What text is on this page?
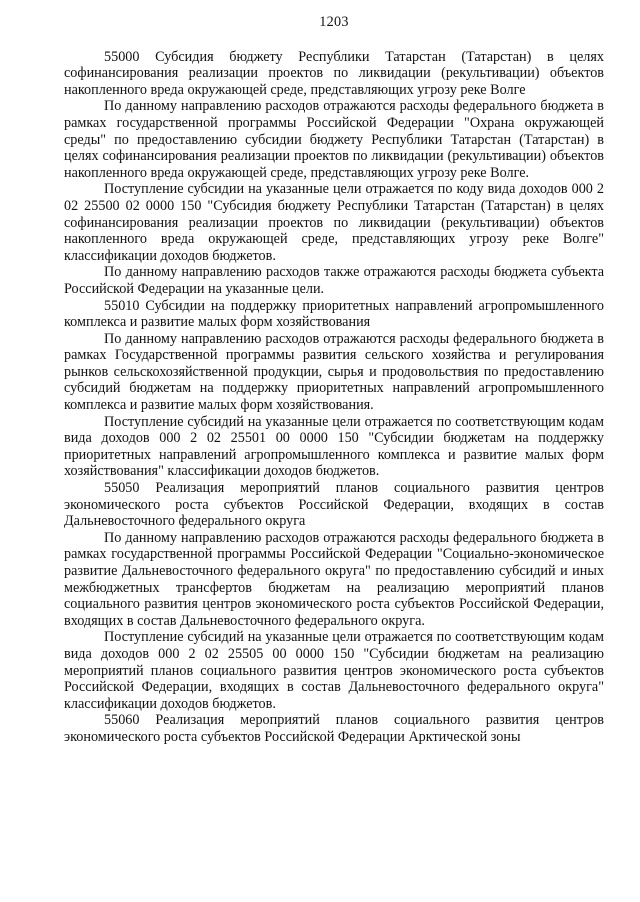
1203

55000 Субсидия бюджету Республики Татарстан (Татарстан) в целях софинансирования реализации проектов по ликвидации (рекультивации) объектов накопленного вреда окружающей среде, представляющих угрозу реке Волге

По данному направлению расходов отражаются расходы федерального бюджета в рамках государственной программы Российской Федерации "Охрана окружающей среды" по предоставлению субсидии бюджету Республики Татарстан (Татарстан) в целях софинансирования реализации проектов по ликвидации (рекультивации) объектов накопленного вреда окружающей среде, представляющих угрозу реке Волге.

Поступление субсидии на указанные цели отражается по коду вида доходов 000 2 02 25500 02 0000 150 "Субсидия бюджету Республики Татарстан (Татарстан) в целях софинансирования реализации проектов по ликвидации (рекультивации) объектов накопленного вреда окружающей среде, представляющих угрозу реке Волге" классификации доходов бюджетов.

По данному направлению расходов также отражаются расходы бюджета субъекта Российской Федерации на указанные цели.

55010 Субсидии на поддержку приоритетных направлений агропромышленного комплекса и развитие малых форм хозяйствования

По данному направлению расходов отражаются расходы федерального бюджета в рамках Государственной программы развития сельского хозяйства и регулирования рынков сельскохозяйственной продукции, сырья и продовольствия по предоставлению субсидий бюджетам на поддержку приоритетных направлений агропромышленного комплекса и развитие малых форм хозяйствования.

Поступление субсидий на указанные цели отражается по соответствующим кодам вида доходов 000 2 02 25501 00 0000 150 "Субсидии бюджетам на поддержку приоритетных направлений агропромышленного комплекса и развитие малых форм хозяйствования" классификации доходов бюджетов.

55050 Реализация мероприятий планов социального развития центров экономического роста субъектов Российской Федерации, входящих в состав Дальневосточного федерального округа

По данному направлению расходов отражаются расходы федерального бюджета в рамках государственной программы Российской Федерации "Социально-экономическое развитие Дальневосточного федерального округа" по предоставлению субсидий и иных межбюджетных трансфертов бюджетам на реализацию мероприятий планов социального развития центров экономического роста субъектов Российской Федерации, входящих в состав Дальневосточного федерального округа.

Поступление субсидий на указанные цели отражается по соответствующим кодам вида доходов 000 2 02 25505 00 0000 150 "Субсидии бюджетам на реализацию мероприятий планов социального развития центров экономического роста субъектов Российской Федерации, входящих в состав Дальневосточного федерального округа" классификации доходов бюджетов.

55060 Реализация мероприятий планов социального развития центров экономического роста субъектов Российской Федерации Арктической зоны
